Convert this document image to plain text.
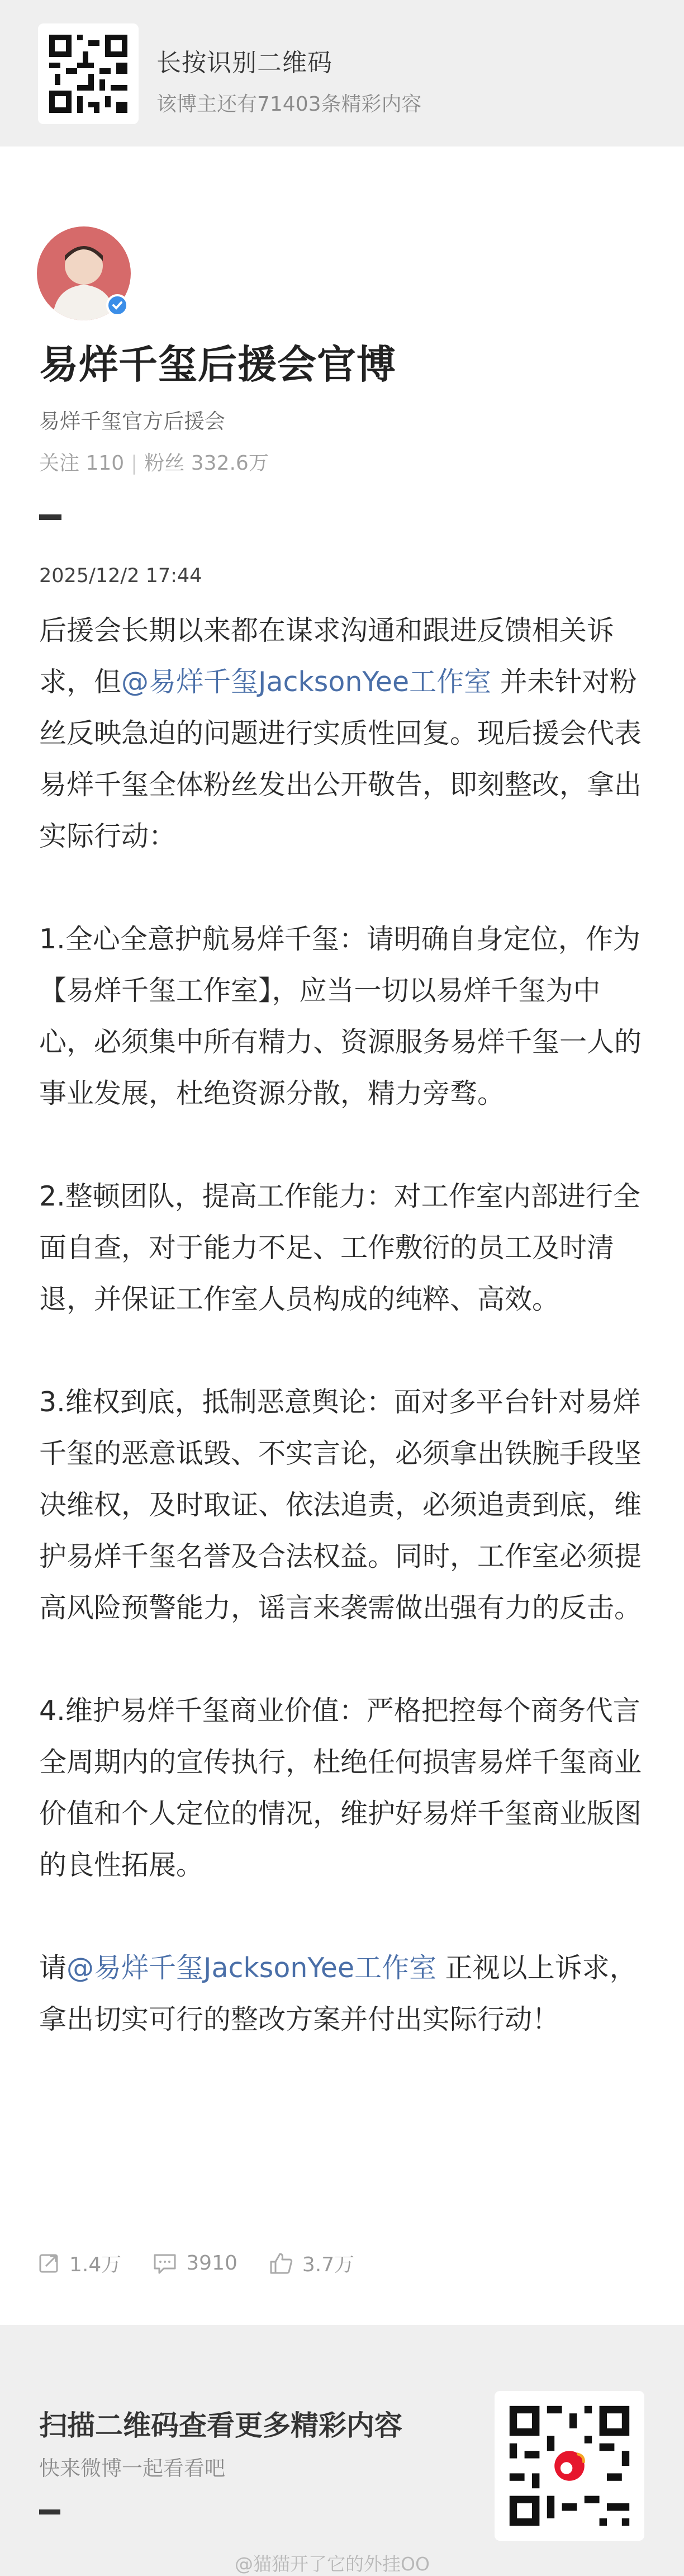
长按识别二维码
该博主还有71403条精彩内容
易烊千玺后援会官博
易烊千玺官方后援会
关注 110 | 粉丝 332.6万
2025/12/2 17:44

后援会长期以来都在谋求沟通和跟进反馈相关诉求，但@易烊千玺JacksonYee工作室 并未针对粉丝反映急迫的问题进行实质性回复。现后援会代表易烊千玺全体粉丝发出公开敬告，即刻整改，拿出实际行动：

1.全心全意护航易烊千玺：请明确自身定位，作为【易烊千玺工作室】，应当一切以易烊千玺为中心，必须集中所有精力、资源服务易烊千玺一人的事业发展，杜绝资源分散，精力旁骛。

2.整顿团队，提高工作能力：对工作室内部进行全面自查，对于能力不足、工作敷衍的员工及时清退，并保证工作室人员构成的纯粹、高效。

3.维权到底，抵制恶意舆论：面对多平台针对易烊千玺的恶意诋毁、不实言论，必须拿出铁腕手段坚决维权，及时取证、依法追责，必须追责到底，维护易烊千玺名誉及合法权益。同时，工作室必须提高风险预警能力，谣言来袭需做出强有力的反击。

4.维护易烊千玺商业价值：严格把控每个商务代言全周期内的宣传执行，杜绝任何损害易烊千玺商业价值和个人定位的情况，维护好易烊千玺商业版图的良性拓展。

请@易烊千玺JacksonYee工作室 正视以上诉求，拿出切实可行的整改方案并付出实际行动！

1.4万	3910	3.7万
扫描二维码查看更多精彩内容
快来微博一起看看吧
@猫猫开了它的外挂OO
